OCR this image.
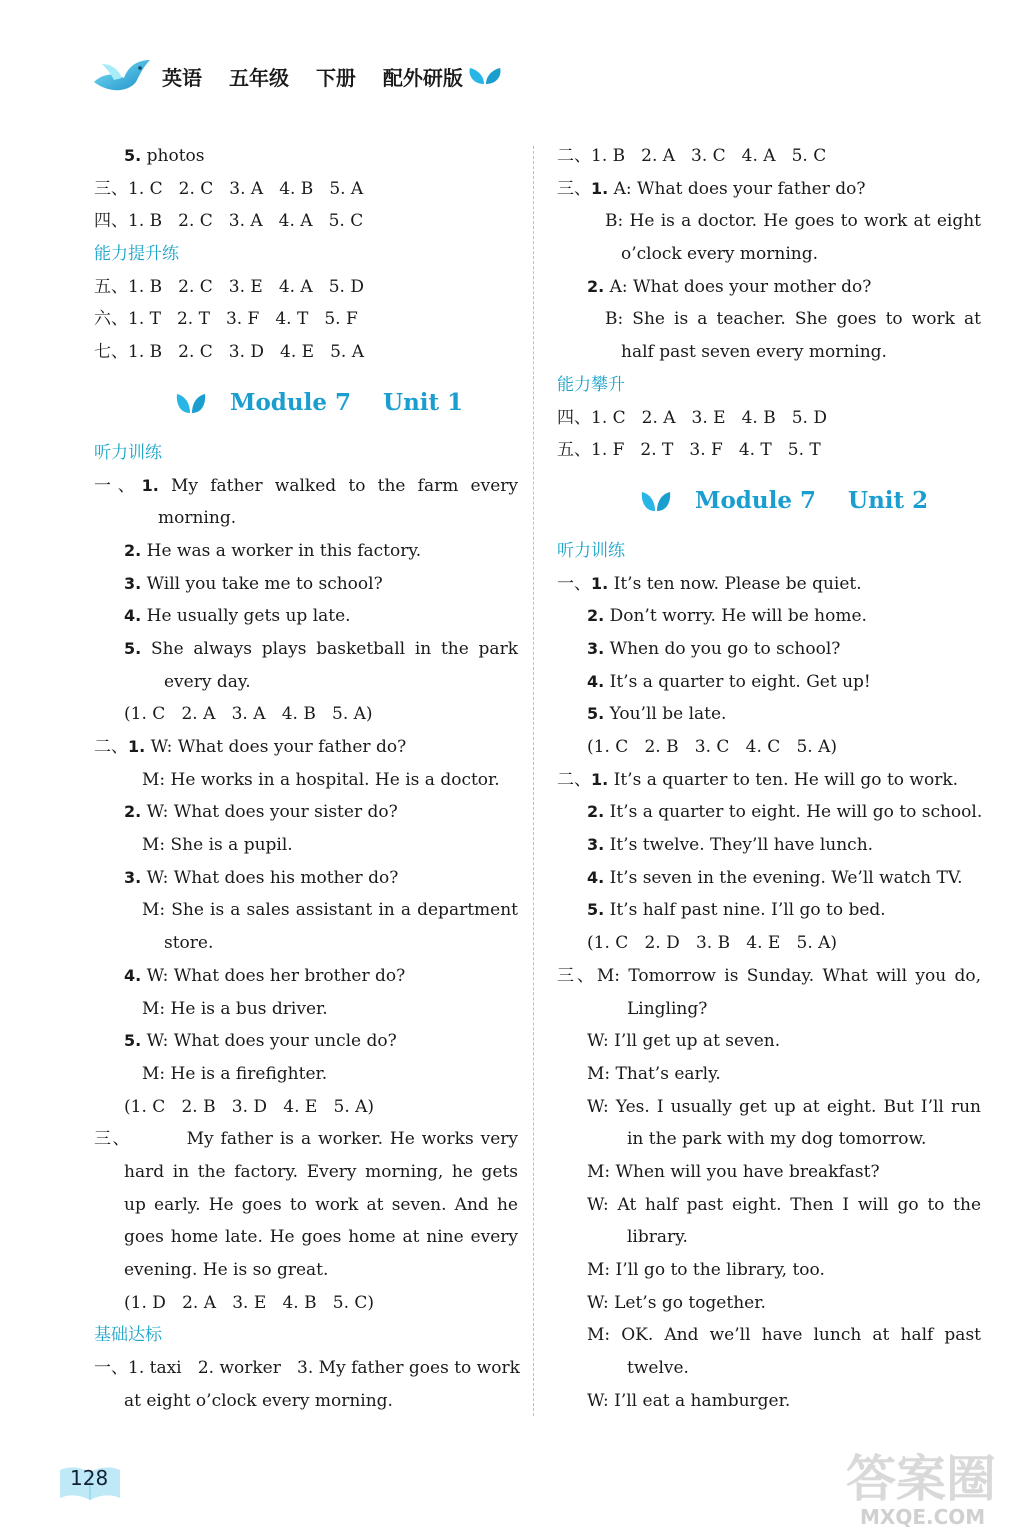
英语 五年级 下册 配外研版
5. photos
三、1. C 2. C 3. A 4. B 5. A
四、1. B 2. C 3. A 4. A 5. C
能力提升练
五、1. B 2. C 3. E 4. A 5. D
六、1. T 2. T 3. F 4. T 5. F
七、1. B 2. C 3. D 4. E 5. A
Module 7 Unit 1
听力训练
一、1. My father walked to the farm every
morning.
2. He was a worker in this factory.
3. Will you take me to school?
4. He usually gets up late.
5. She always plays basketball in the park
every day.
(1. C   2. A   3. A   4. B   5. A)
二、1. W: What does your father do?
M: He works in a hospital. He is a doctor.
2. W: What does your sister do?
M: She is a pupil.
3. W: What does his mother do?
M: She is a sales assistant in a department
store.
4. W: What does her brother do?
M: He is a bus driver.
5. W: What does your uncle do?
M: He is a firefighter.
(1. C   2. B   3. D   4. E   5. A)
三、        My father is a worker. He works very
hard in the factory. Every morning, he gets
up early. He goes to work at seven. And he
goes home late. He goes home at nine every
evening. He is so great.
(1. D   2. A   3. E   4. B   5. C)
基础达标
一、1. taxi   2. worker   3. My father goes to work
at eight o’clock every morning.
二、1. B 2. A 3. C 4. A 5. C
三、1. A: What does your father do?
B: He is a doctor. He goes to work at eight
o’clock every morning.
2. A: What does your mother do?
B: She is a teacher. She goes to work at
half past seven every morning.
能力攀升
四、1. C 2. A 3. E 4. B 5. D
五、1. F 2. T 3. F 4. T 5. T
Module 7 Unit 2
听力训练
一、1. It’s ten now. Please be quiet.
2. Don’t worry. He will be home.
3. When do you go to school?
4. It’s a quarter to eight. Get up!
5. You’ll be late.
(1. C   2. B   3. C   4. C   5. A)
二、1. It’s a quarter to ten. He will go to work.
2. It’s a quarter to eight. He will go to school.
3. It’s twelve. They’ll have lunch.
4. It’s seven in the evening. We’ll watch TV.
5. It’s half past nine. I’ll go to bed.
(1. C   2. D   3. B   4. E   5. A)
三、M: Tomorrow is Sunday. What will you do,
Lingling?
W: I’ll get up at seven.
M: That’s early.
W: Yes. I usually get up at eight. But I’ll run
in the park with my dog tomorrow.
M: When will you have breakfast?
W: At half past eight. Then I will go to the
library.
M: I’ll go to the library, too.
W: Let’s go together.
M: OK. And we’ll have lunch at half past
twelve.
W: I’ll eat a hamburger.
128	答案圈
MXQE.COM
